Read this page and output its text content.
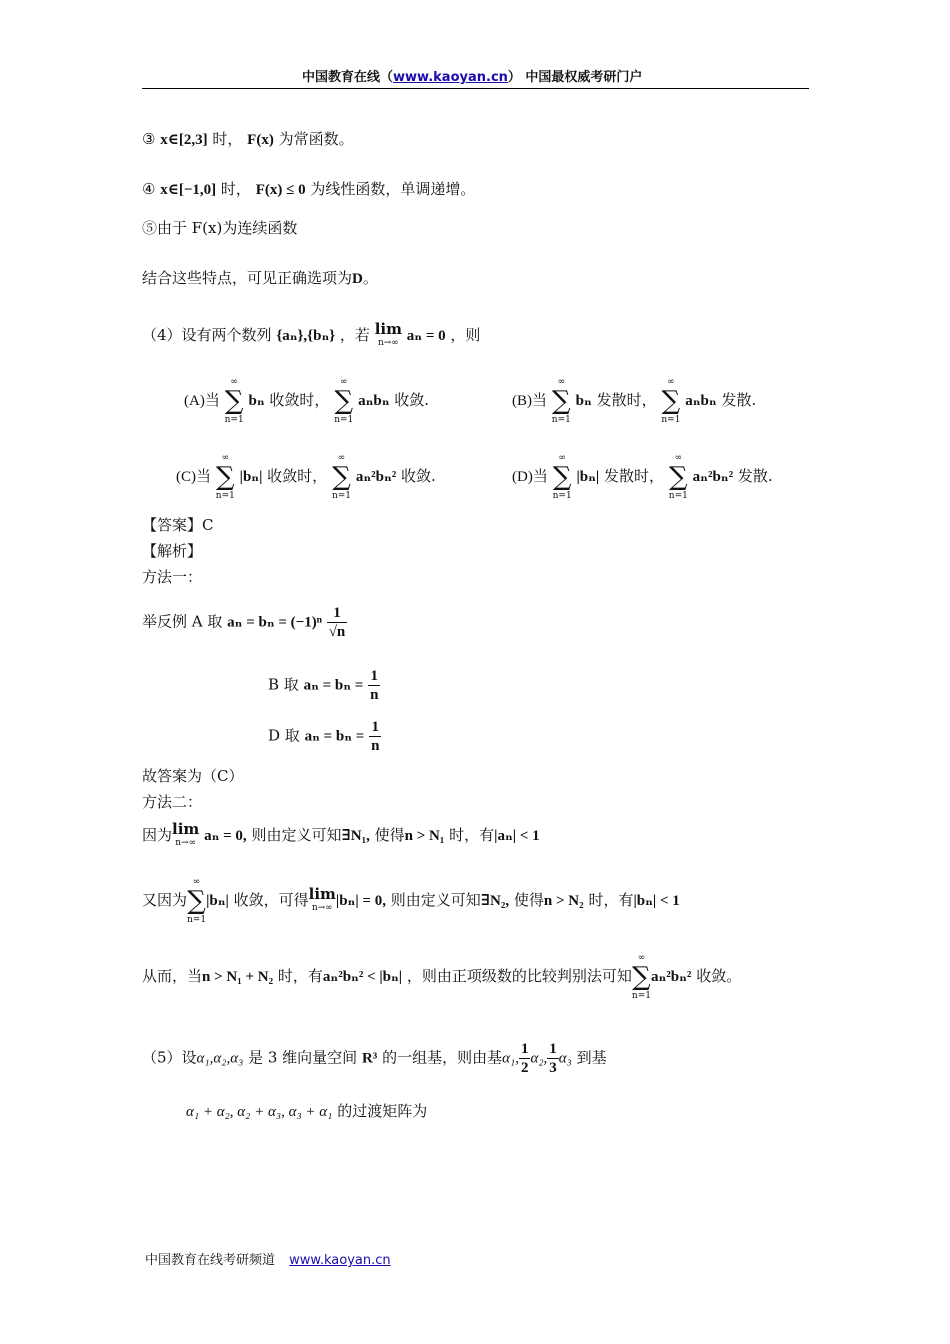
中国教育在线（www.kaoyan.cn） 中国最权威考研门户
③ x∈[2,3] 时， F(x) 为常函数。
④ x∈[−1,0] 时， F(x) ≤ 0 为线性函数，单调递增。
⑤由于 F(x)为连续函数
结合这些特点，可见正确选项为D。
（4）设有两个数列 {aₙ},{bₙ} ，若 lim
n→∞ aₙ = 0 ，则
(A)当
∞
∑
n=1
bₙ 收敛时，
∞
∑
n=1
aₙbₙ 收敛.	(B)当
∞
∑
n=1
bₙ 发散时，
∞
∑
n=1
aₙbₙ 发散.
(C)当
∞
∑
n=1
|bₙ| 收敛时，
∞
∑
n=1
aₙ²bₙ² 收敛.	(D)当
∞
∑
n=1
|bₙ| 发散时，
∞
∑
n=1
aₙ²bₙ² 发散.
【答案】C
【解析】
方法一：
举反例 A 取 $a_n = b_n = (-1)^n \frac{1}{√n}$
B 取 $a_n = b_n = \frac{1}{n}$
D 取 $a_n = b_n = \frac{1}{n}$
故答案为（C）
方法二：
因为lim
n→∞ aₙ = 0, 则由定义可知∃N₁, 使得n > N₁ 时，有|aₙ| < 1
又因为
∞
∑
n=1
|bₙ| 收敛，可得lim
n→∞ |bₙ| = 0, 则由定义可知∃N₂, 使得n > N₂ 时，有|bₙ| < 1
从而，当n > N₁ + N₂ 时，有aₙ²bₙ² < |bₙ| ，则由正项级数的比较判别法可知
∞
∑
n=1
aₙ²bₙ² 收敛。
（5）设α₁,α₂,α₃ 是 3 维向量空间 R³ 的一组基，则由基α₁, $\frac{1}{2} \alpha_2$, $\frac{1}{3} \alpha_3$ 到基
α₁ + α₂, α₂ + α₃, α₃ + α₁ 的过渡矩阵为
中国教育在线考研频道 www.kaoyan.cn
